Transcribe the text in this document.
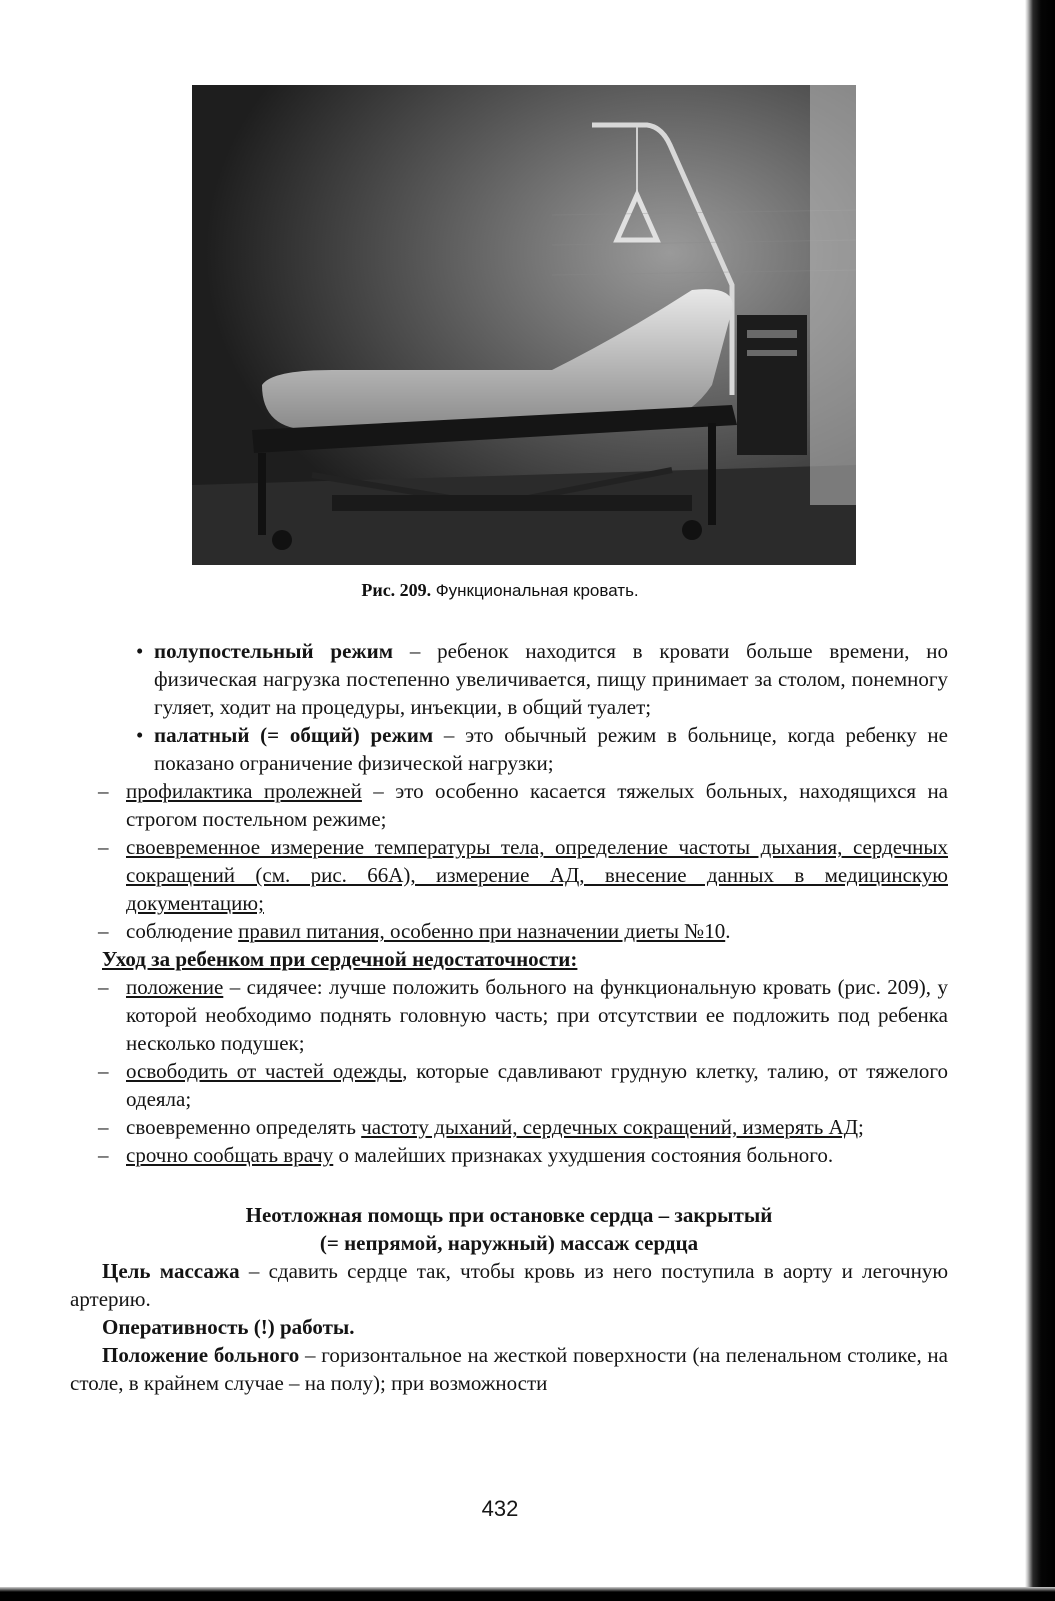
Рис. 209. Функциональная кровать.
• полупостельный режим – ребенок находится в кровати больше времени, но физическая нагрузка постепенно увеличивается, пищу принимает за столом, понемногу гуляет, ходит на процедуры, инъекции, в общий туалет;
• палатный (= общий) режим – это обычный режим в больнице, когда ребенку не показано ограничение физической нагрузки;
– профилактика пролежней – это особенно касается тяжелых больных, находящихся на строгом постельном режиме;
– своевременное измерение температуры тела, определение частоты дыхания, сердечных сокращений (см. рис. 66А), измерение АД, внесение данных в медицинскую документацию;
– соблюдение правил питания, особенно при назначении диеты №10.
Уход за ребенком при сердечной недостаточности:
– положение – сидячее: лучше положить больного на функциональную кровать (рис. 209), у которой необходимо поднять головную часть; при отсутствии ее подложить под ребенка несколько подушек;
– освободить от частей одежды, которые сдавливают грудную клетку, талию, от тяжелого одеяла;
– своевременно определять частоту дыханий, сердечных сокращений, измерять АД;
– срочно сообщать врачу о малейших признаках ухудшения состояния больного.
Неотложная помощь при остановке сердца – закрытый
(= непрямой, наружный) массаж сердца
Цель массажа – сдавить сердце так, чтобы кровь из него поступила в аорту и легочную артерию.
Оперативность (!) работы.
Положение больного – горизонтальное на жесткой поверхности (на пеленальном столике, на столе, в крайнем случае – на полу); при возможности
432
